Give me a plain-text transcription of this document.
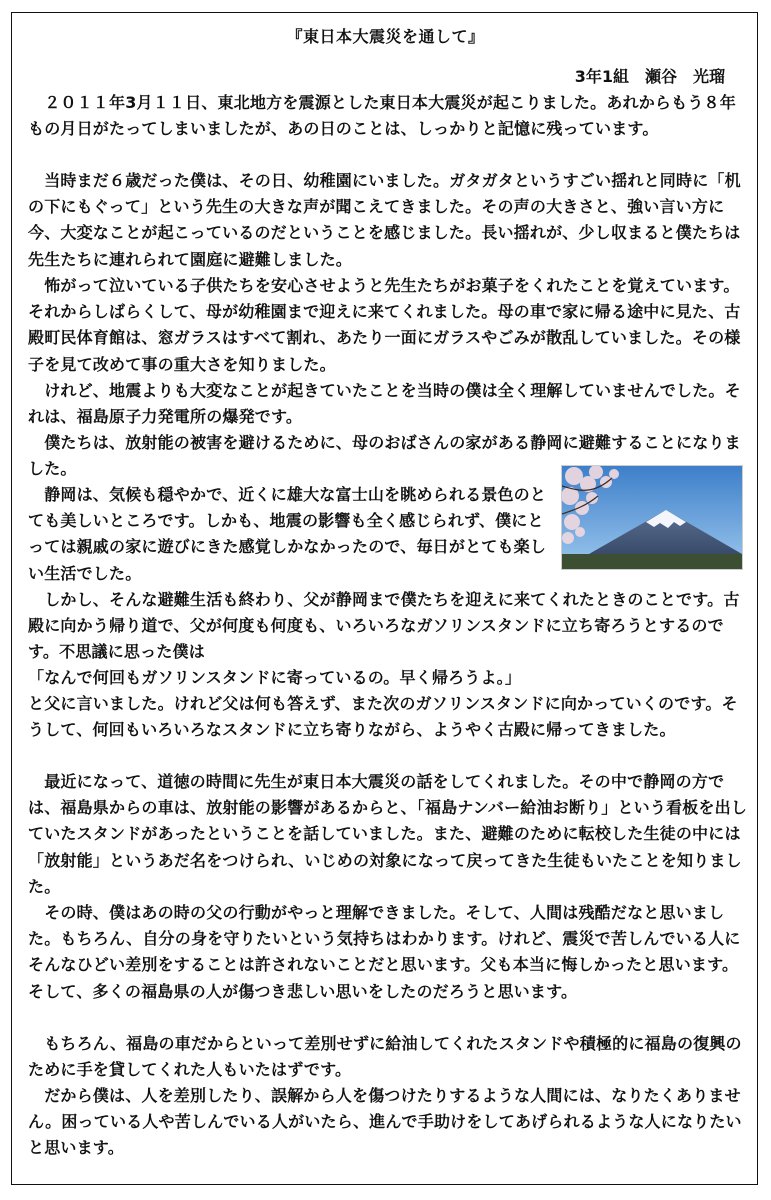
『東日本大震災を通して』
3年1組　瀬谷　光瑠

　２０１１年3月１１日、東北地方を震源とした東日本大震災が起こりました。あれからもう８年もの月日がたってしまいましたが、あの日のことは、しっかりと記憶に残っています。

　当時まだ６歳だった僕は、その日、幼稚園にいました。ガタガタというすごい揺れと同時に「机の下にもぐって」という先生の大きな声が聞こえてきました。その声の大きさと、強い言い方に今、大変なことが起こっているのだということを感じました。長い揺れが、少し収まると僕たちは先生たちに連れられて園庭に避難しました。

　怖がって泣いている子供たちを安心させようと先生たちがお菓子をくれたことを覚えています。それからしばらくして、母が幼稚園まで迎えに来てくれました。母の車で家に帰る途中に見た、古殿町民体育館は、窓ガラスはすべて割れ、あたり一面にガラスやごみが散乱していました。その様子を見て改めて事の重大さを知りました。

　けれど、地震よりも大変なことが起きていたことを当時の僕は全く理解していませんでした。それは、福島原子力発電所の爆発です。

　僕たちは、放射能の被害を避けるために、母のおばさんの家がある静岡に避難することになりました。

　静岡は、気候も穏やかで、近くに雄大な富士山を眺められる景色のとても美しいところです。しかも、地震の影響も全く感じられず、僕にとっては親戚の家に遊びにきた感覚しかなかったので、毎日がとても楽しい生活でした。

　しかし、そんな避難生活も終わり、父が静岡まで僕たちを迎えに来てくれたときのことです。古殿に向かう帰り道で、父が何度も何度も、いろいろなガソリンスタンドに立ち寄ろうとするのです。不思議に思った僕は

「なんで何回もガソリンスタンドに寄っているの。早く帰ろうよ。」

と父に言いました。けれど父は何も答えず、また次のガソリンスタンドに向かっていくのです。そうして、何回もいろいろなスタンドに立ち寄りながら、ようやく古殿に帰ってきました。

　最近になって、道徳の時間に先生が東日本大震災の話をしてくれました。その中で静岡の方では、福島県からの車は、放射能の影響があるからと、「福島ナンバー給油お断り」という看板を出していたスタンドがあったということを話していました。また、避難のために転校した生徒の中には「放射能」というあだ名をつけられ、いじめの対象になって戻ってきた生徒もいたことを知りました。

　その時、僕はあの時の父の行動がやっと理解できました。そして、人間は残酷だなと思いました。もちろん、自分の身を守りたいという気持ちはわかります。けれど、震災で苦しんでいる人にそんなひどい差別をすることは許されないことだと思います。父も本当に悔しかったと思います。そして、多くの福島県の人が傷つき悲しい思いをしたのだろうと思います。

　もちろん、福島の車だからといって差別せずに給油してくれたスタンドや積極的に福島の復興のために手を貸してくれた人もいたはずです。

　だから僕は、人を差別したり、誤解から人を傷つけたりするような人間には、なりたくありません。困っている人や苦しんでいる人がいたら、進んで手助けをしてあげられるような人になりたいと思います。
